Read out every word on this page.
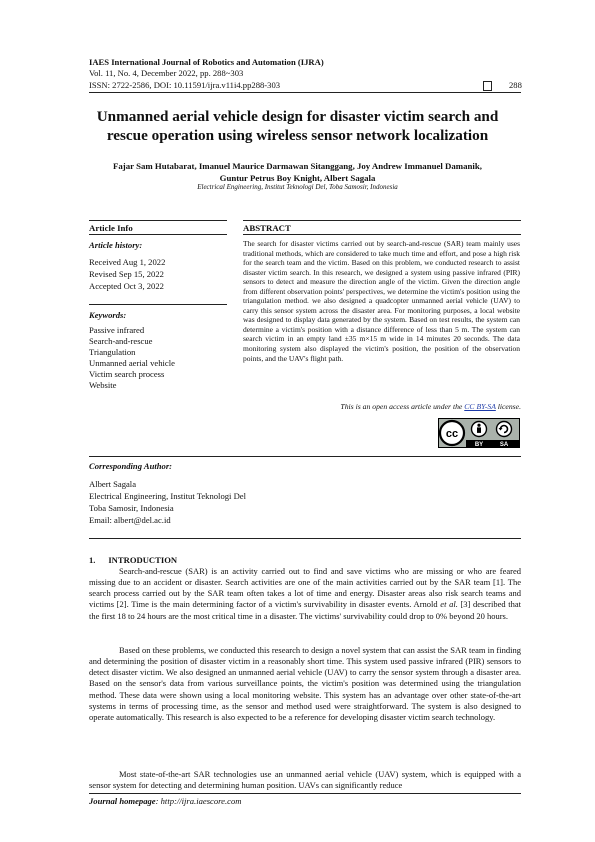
IAES International Journal of Robotics and Automation (IJRA)
Vol. 11, No. 4, December 2022, pp. 288~303
ISSN: 2722-2586, DOI: 10.11591/ijra.v11i4.pp288-303	288
Unmanned aerial vehicle design for disaster victim search and
rescue operation using wireless sensor network localization
Fajar Sam Hutabarat, Imanuel Maurice Darmawan Sitanggang, Joy Andrew Immanuel Damanik,
Guntur Petrus Boy Knight, Albert Sagala
Electrical Engineering, Institut Teknologi Del, Toba Samosir, Indonesia
Article Info
Article history:
Received Aug 1, 2022
Revised Sep 15, 2022
Accepted Oct 3, 2022
Keywords:
Passive infrared
Search-and-rescue
Triangulation
Unmanned aerial vehicle
Victim search process
Website
ABSTRACT
The search for disaster victims carried out by search-and-rescue (SAR) team mainly uses traditional methods, which are considered to take much time and effort, and pose a high risk for the search team and the victim. Based on this problem, we conducted research to assist disaster victim search. In this research, we designed a system using passive infrared (PIR) sensors to detect and measure the direction angle of the victim. Given the direction angle from different observation points' perspectives, we determine the victim's position using the triangulation method. we also designed a quadcopter unmanned aerial vehicle (UAV) to carry this sensor system across the disaster area. For monitoring purposes, a local website was designed to display data generated by the system. Based on test results, the system can determine a victim's position with a distance difference of less than 5 m. The system can search victim in an empty land ±35 m×15 m wide in 14 minutes 20 seconds. The data monitoring system also displayed the victim's position, the position of the observation points, and the UAV's flight path.
This is an open access article under the CC BY-SA license.
cc
BY	SA
Corresponding Author:
Albert Sagala
Electrical Engineering, Institut Teknologi Del
Toba Samosir, Indonesia
Email: albert@del.ac.id
1.      INTRODUCTION
Search-and-rescue (SAR) is an activity carried out to find and save victims who are missing or who are feared missing due to an accident or disaster. Search activities are one of the main activities carried out by the SAR team [1]. The search process carried out by the SAR team often takes a lot of time and energy. Disaster areas also risk search teams and victims [2]. Time is the main determining factor of a victim's survivability in disaster events. Arnold et al. [3] described that the first 18 to 24 hours are the most critical time in a disaster. The victims' survivability could drop to 0% beyond 20 hours.
Based on these problems, we conducted this research to design a novel system that can assist the SAR team in finding and determining the position of disaster victim in a reasonably short time. This system used passive infrared (PIR) sensors to detect disaster victim. We also designed an unmanned aerial vehicle (UAV) to carry the sensor system through a disaster area. Based on the sensor's data from various surveillance points, the victim's position was determined using the triangulation method. These data were shown using a local monitoring website. This system has an advantage over other state-of-the-art systems in terms of processing time, as the sensor and method used were straightforward. The system is also designed to operate automatically. This research is also expected to be a reference for developing disaster victim search technology.
Most state-of-the-art SAR technologies use an unmanned aerial vehicle (UAV) system, which is equipped with a sensor system for detecting and determining human position. UAVs can significantly reduce
Journal homepage: http://ijra.iaescore.com
